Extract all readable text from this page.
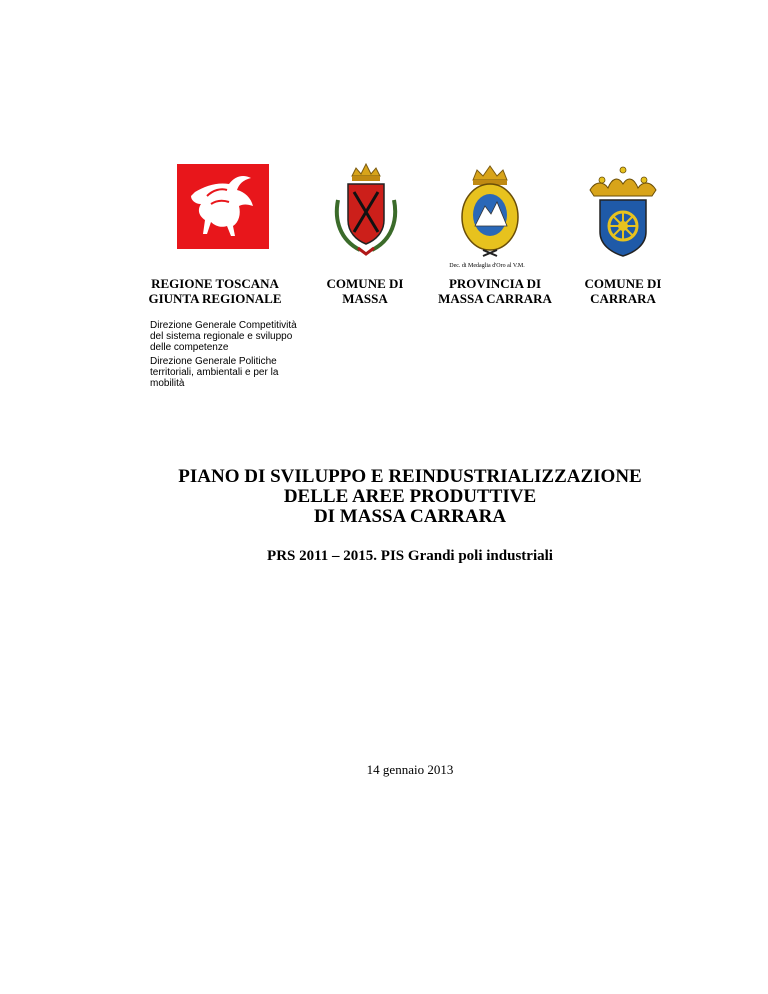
Dec. di Medaglia d'Oro al V.M.
REGIONE TOSCANA
GIUNTA REGIONALE
COMUNE DI
MASSA
PROVINCIA DI
MASSA CARRARA
COMUNE DI
CARRARA
Direzione Generale Competitività
del sistema regionale e sviluppo
delle competenze
Direzione Generale Politiche
territoriali, ambientali e per la
mobilità
PIANO DI SVILUPPO E REINDUSTRIALIZZAZIONE
DELLE AREE PRODUTTIVE
DI MASSA CARRARA
PRS 2011 – 2015. PIS Grandi poli industriali
14 gennaio 2013
